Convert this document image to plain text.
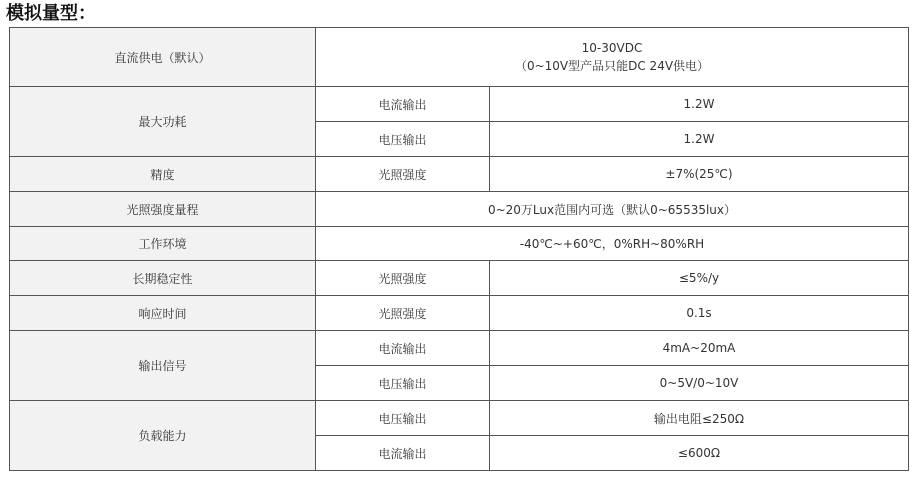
模拟量型：
直流供电（默认）	10-30VDC
（0~10V型产品只能DC 24V供电）	

最大功耗	电流输出	1.2W
	电压输出	1.2W
精度	光照强度	±7%(25℃)
光照强度量程	0~20万Lux范围内可选（默认0~65535lux）	
工作环境	-40℃~+60℃，0%RH~80%RH	
长期稳定性	光照强度	≤5%/y
响应时间	光照强度	0.1s
输出信号	电流输出	4mA~20mA
	电压输出	0~5V/0~10V
负载能力	电压输出	输出电阻≤250Ω
	电流输出	≤600Ω
